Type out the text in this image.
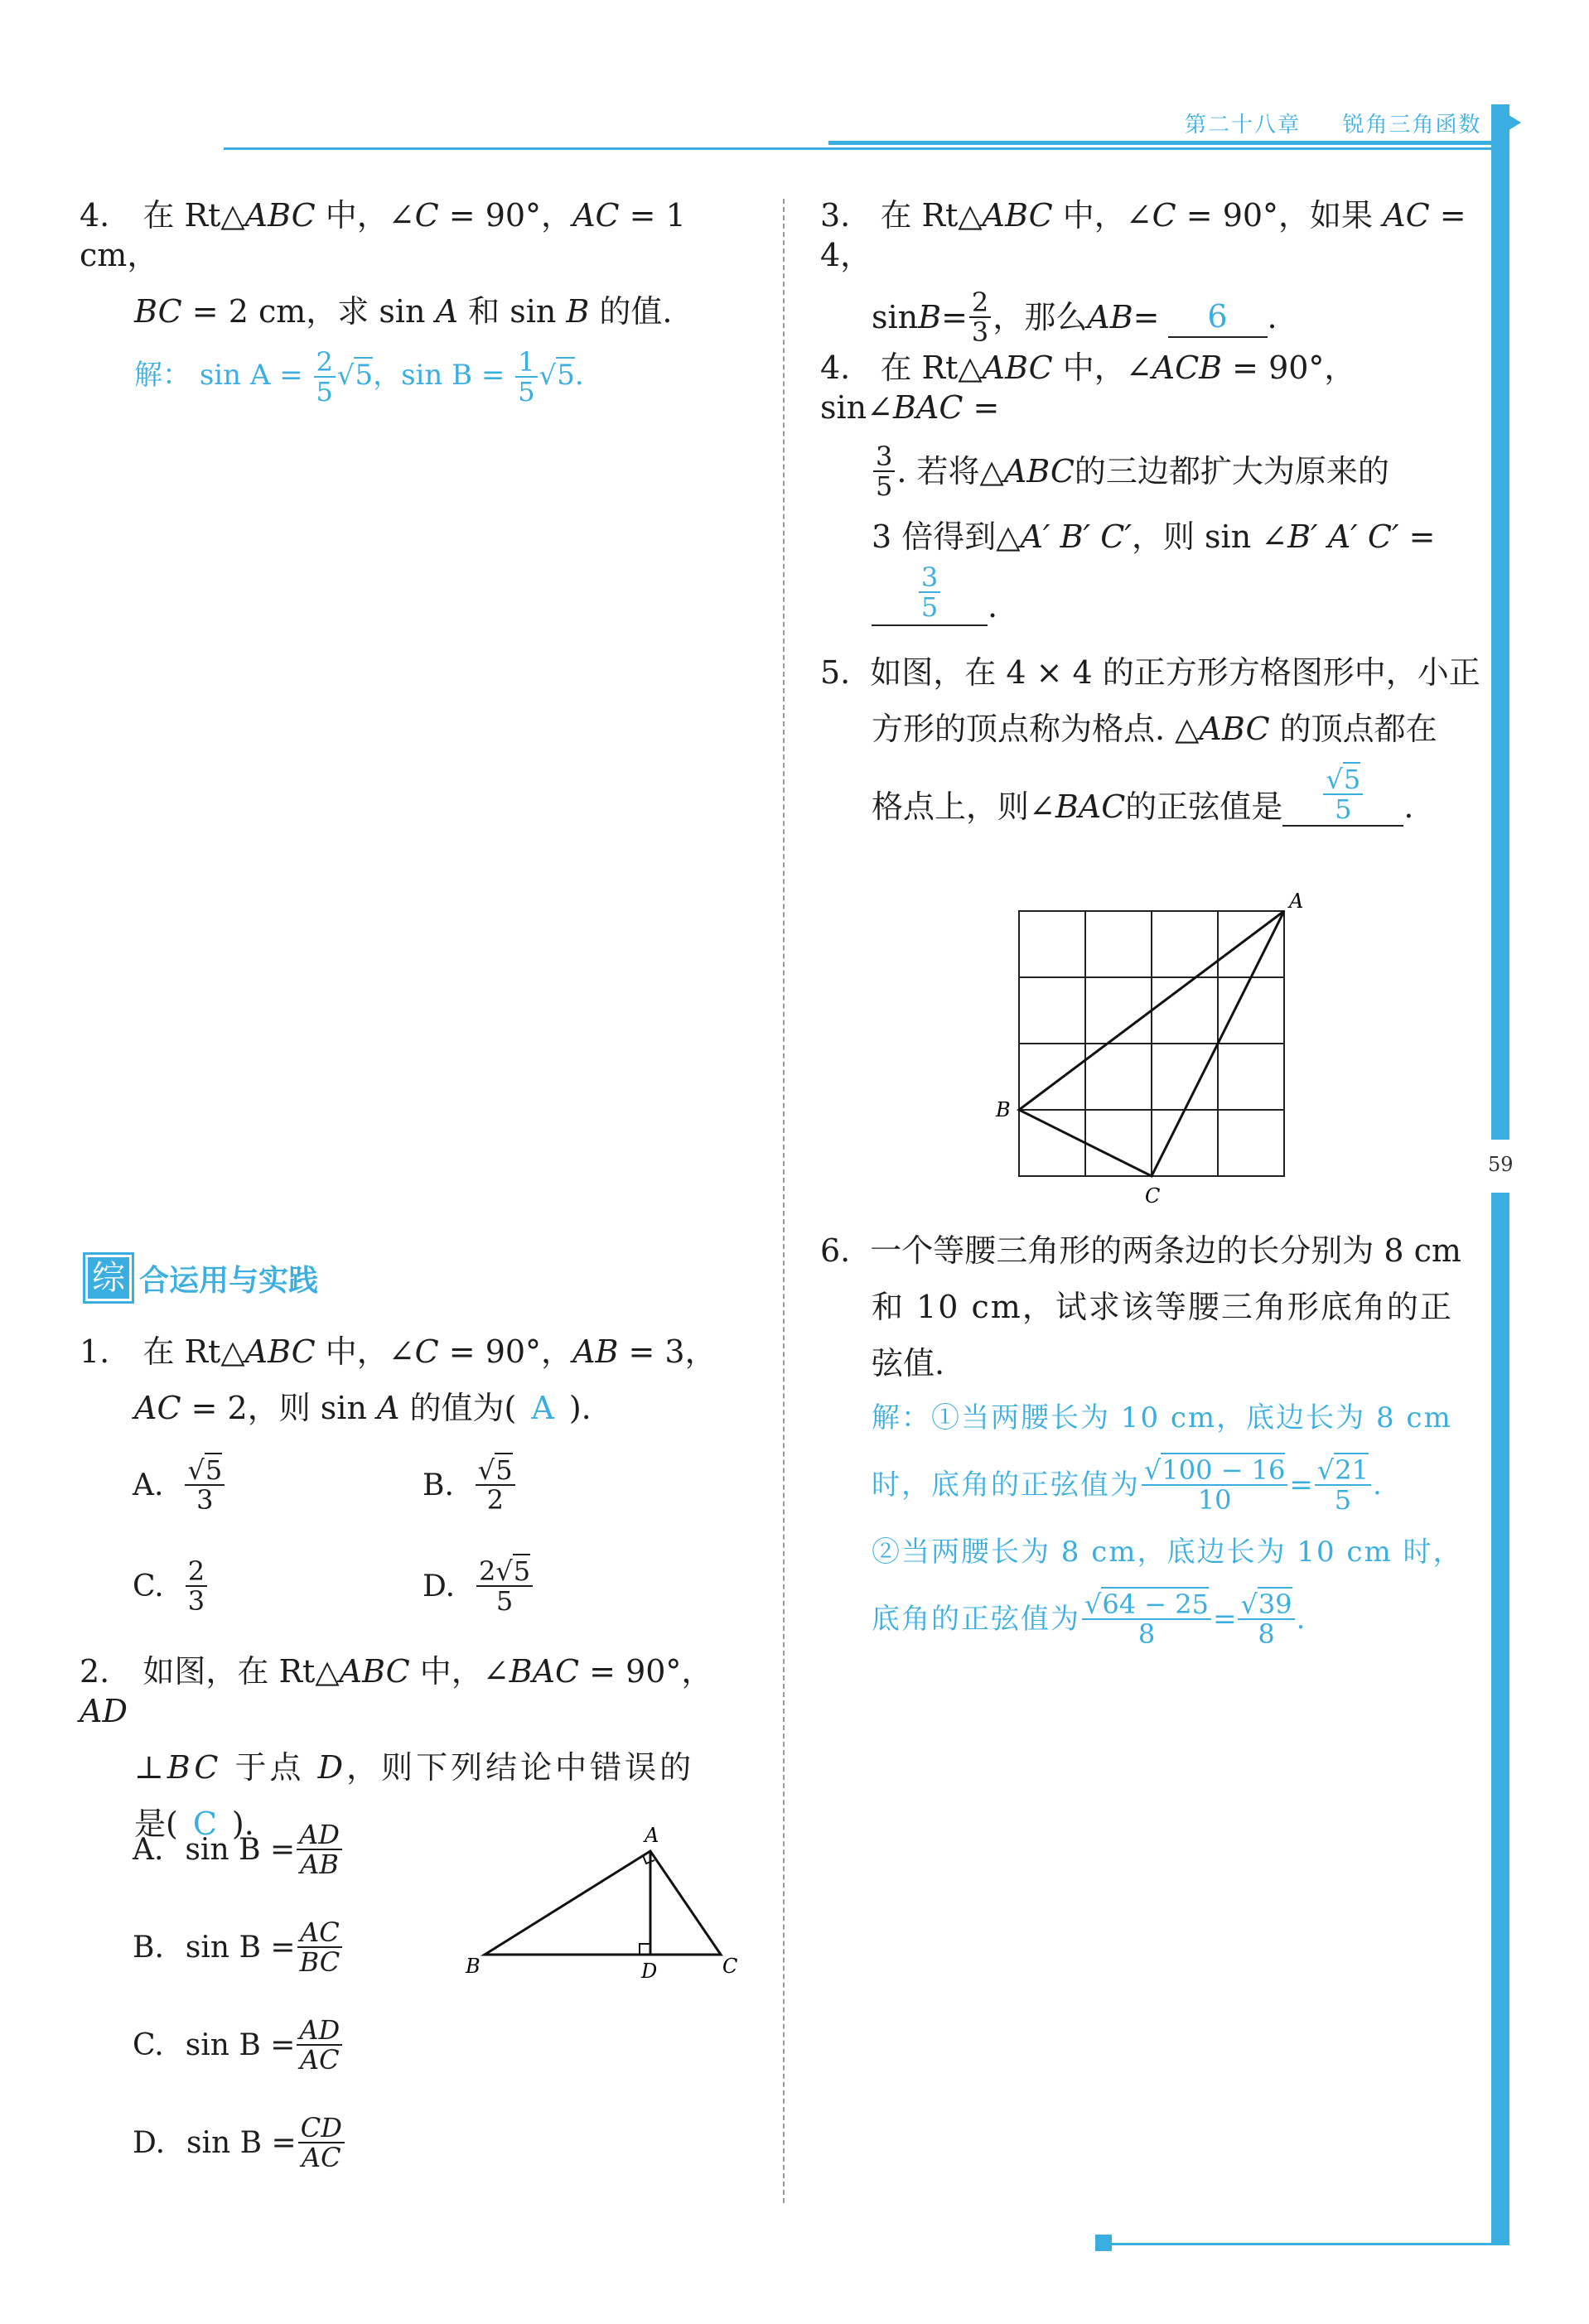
第二十八章 锐角三角函数
59
4. 在 Rt△ABC 中，∠C = 90°，AC = 1 cm，
BC = 2 cm，求 sin A 和 sin B 的值.
解： $\sin A = \frac{2}{5} √5$，$\sin B = \frac{1}{5} √5$.
综 合运用与实践
1. 在 Rt△ABC 中，∠C = 90°，AB = 3，
AC = 2，则 sin A 的值为( A ).
A. $\frac{√5}{3}$	B. $\frac{√5}{2}$
C. $\frac{2}{3}$	D. $\frac{2√5}{5}$
2. 如图，在 Rt△ABC 中，∠BAC = 90°，AD
⊥BC 于点 D，则下列结论中错误的
是( C ).
A. $\sin B = \frac{AD}{AB}$
B. $\sin B = \frac{AC}{BC}$
C. $\sin B = \frac{AD}{AC}$
D. $\sin B = \frac{CD}{AC}$
A
B	D	C
3. 在 Rt△ABC 中，∠C = 90°，如果 AC = 4，
$\sin B = \frac{2}{3}$ ，那么 AB =	6	.
4. 在 Rt△ABC 中，∠ACB = 90°，sin∠BAC =
$\frac{3}{5}$ . 若将△ ABC 的三边都扩大为原来的
3 倍得到△A′ B′ C′，则 sin ∠B′ A′ C′ =
$\frac{3}{5}$ .
5. 如图，在 4 × 4 的正方形方格图形中，小正
方形的顶点称为格点. △ABC 的顶点都在
格点上，则∠ BAC 的正弦值是 $\frac{√5}{5}$ .
A
B
C
6. 一个等腰三角形的两条边的长分别为 8 cm
和 10 cm，试求该等腰三角形底角的正
弦值.
解：①当两腰长为 10 cm，底边长为 8 cm
时，底角的正弦值为 $\frac{√100 - 16}{10} = \frac{√21}{5}$ .
②当两腰长为 8 cm，底边长为 10 cm 时，
底角的正弦值为 $\frac{√64 - 25}{8} = \frac{√39}{8}$ .
